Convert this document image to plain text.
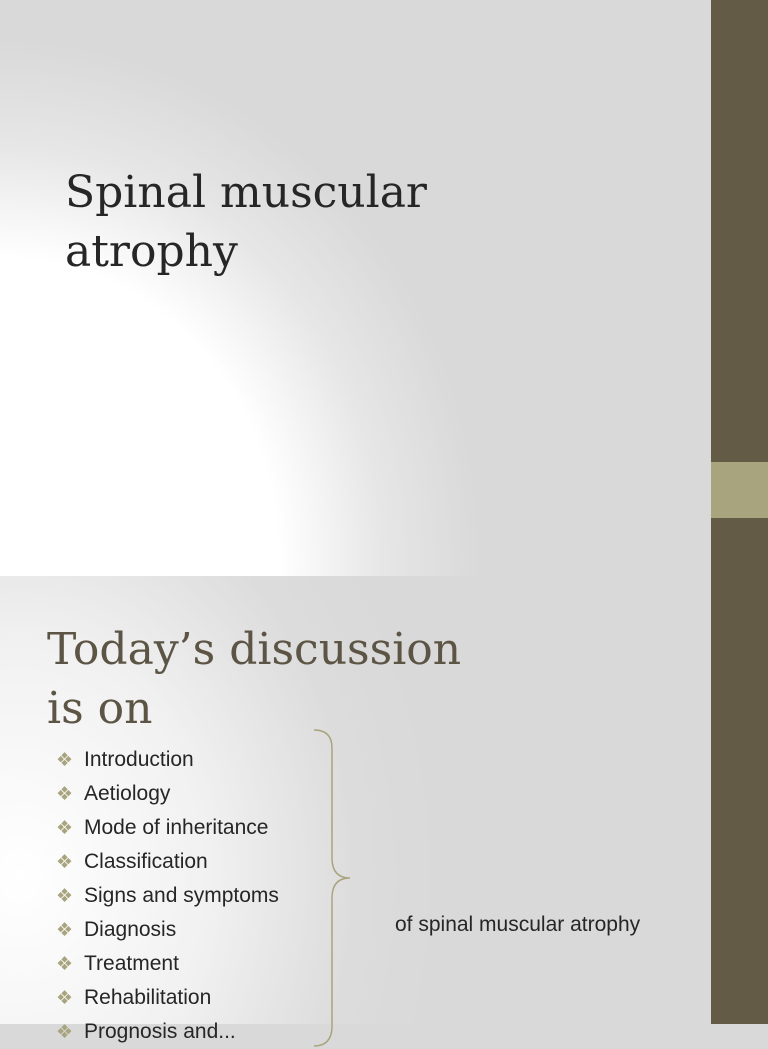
Spinal muscular atrophy
Today’s discussion is on
❖ Introduction
❖ Aetiology
❖ Mode of inheritance
❖ Classification
❖ Signs and symptoms
❖ Diagnosis
❖ Treatment
❖ Rehabilitation
❖ Prognosis and...
of spinal muscular atrophy
